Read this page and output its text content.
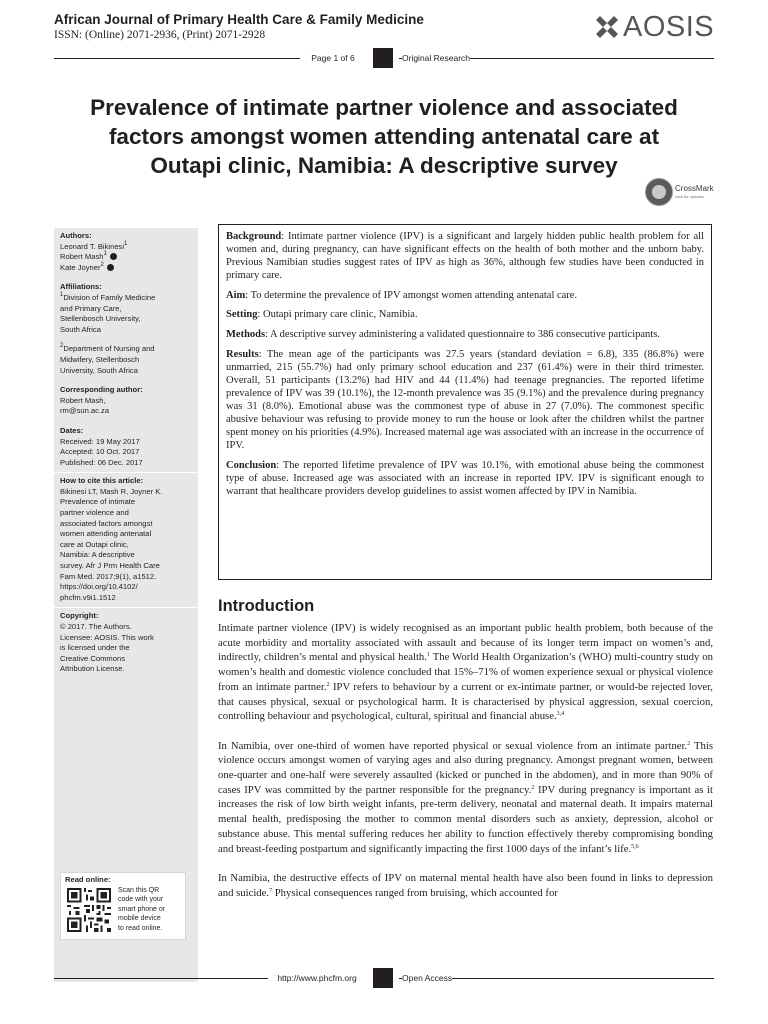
African Journal of Primary Health Care & Family Medicine
ISSN: (Online) 2071-2936, (Print) 2071-2928	AOSIS
Page 1 of 6	Original Research
Prevalence of intimate partner violence and associated
factors amongst women attending antenatal care at
Outapi clinic, Namibia: A descriptive survey
CrossMark
click for updates
Authors:
Leonard T. Bikinesi$^1$
Robert Mash$^1$
Kate Joyner$^2$
Affiliations:
$^1$Division of Family Medicine
and Primary Care,
Stellenbosch University,
South Africa
$^2$Department of Nursing and
Midwifery, Stellenbosch
University, South Africa
Corresponding author:
Robert Mash,
rm@sun.ac.za
Dates:
Received: 19 May 2017
Accepted: 10 Oct. 2017
Published: 06 Dec. 2017
How to cite this article:
Bikinesi LT, Mash R, Joyner K.
Prevalence of intimate
partner violence and
associated factors amongst
women attending antenatal
care at Outapi clinic,
Namibia: A descriptive
survey. Afr J Prm Health Care
Fam Med. 2017;9(1), a1512.
https://doi.org/10.4102/
phcfm.v9i1.1512
Copyright:
© 2017. The Authors.
Licensee: AOSIS. This work
is licensed under the
Creative Commons
Attribution License.
Read online:
Scan this QR
code with your
smart phone or
mobile device
to read online.

Background: Intimate partner violence (IPV) is a significant and largely hidden public health problem for all women and, during pregnancy, can have significant effects on the health of both mother and the unborn baby. Previous Namibian studies suggest rates of IPV as high as 36%, although few studies have been conducted in primary care.

Aim: To determine the prevalence of IPV amongst women attending antenatal care.

Setting: Outapi primary care clinic, Namibia.

Methods: A descriptive survey administering a validated questionnaire to 386 consecutive participants.

Results: The mean age of the participants was 27.5 years (standard deviation = 6.8), 335 (86.8%) were unmarried, 215 (55.7%) had only primary school education and 237 (61.4%) were in their third trimester. Overall, 51 participants (13.2%) had HIV and 44 (11.4%) had teenage pregnancies. The reported lifetime prevalence of IPV was 39 (10.1%), the 12-month prevalence was 35 (9.1%) and the prevalence during pregnancy was 31 (8.0%). Emotional abuse was the commonest type of abuse in 27 (7.0%). The commonest specific abusive behaviour was refusing to provide money to run the house or look after the children whilst the partner spent money on his priorities (4.9%). Increased maternal age was associated with an increase in the occurrence of IPV.

Conclusion: The reported lifetime prevalence of IPV was 10.1%, with emotional abuse being the commonest type of abuse. Increased age was associated with an increase in reported IPV. IPV is significant enough to warrant that healthcare providers develop guidelines to assist women affected by IPV in Namibia.

Introduction

Intimate partner violence (IPV) is widely recognised as an important public health problem, both because of the acute morbidity and mortality associated with assault and because of its longer term impact on women’s and, indirectly, children’s mental and physical health.$^1$ The World Health Organization’s (WHO) multi-country study on women’s health and domestic violence concluded that 15%–71% of women experience sexual or physical violence from an intimate partner.$^2$ IPV refers to behaviour by a current or ex-intimate partner, or would-be rejected lover, that causes physical, sexual or psychological harm. It is characterised by physical aggression, sexual coercion, controlling behaviour and psychological, cultural, spiritual and financial abuse.$^{3,4}$

In Namibia, over one-third of women have reported physical or sexual violence from an intimate partner.$^2$ This violence occurs amongst women of varying ages and also during pregnancy. Amongst pregnant women, between one-quarter and one-half were severely assaulted (kicked or punched in the abdomen), and in more than 90% of cases IPV was committed by the partner responsible for the pregnancy.$^2$ IPV during pregnancy is important as it increases the risk of low birth weight infants, pre-term delivery, neonatal and maternal death. It impairs maternal mental health, predisposing the mother to common mental disorders such as anxiety, depression, alcohol or substance abuse. This mental suffering reduces her ability to function effectively thereby compromising bonding and breast-feeding postpartum and significantly impacting the first 1000 days of the infant’s life.$^{5,6}$

In Namibia, the destructive effects of IPV on maternal mental health have also been found in links to depression and suicide.$^7$ Physical consequences ranged from bruising, which accounted for

http://www.phcfm.org	Open Access
